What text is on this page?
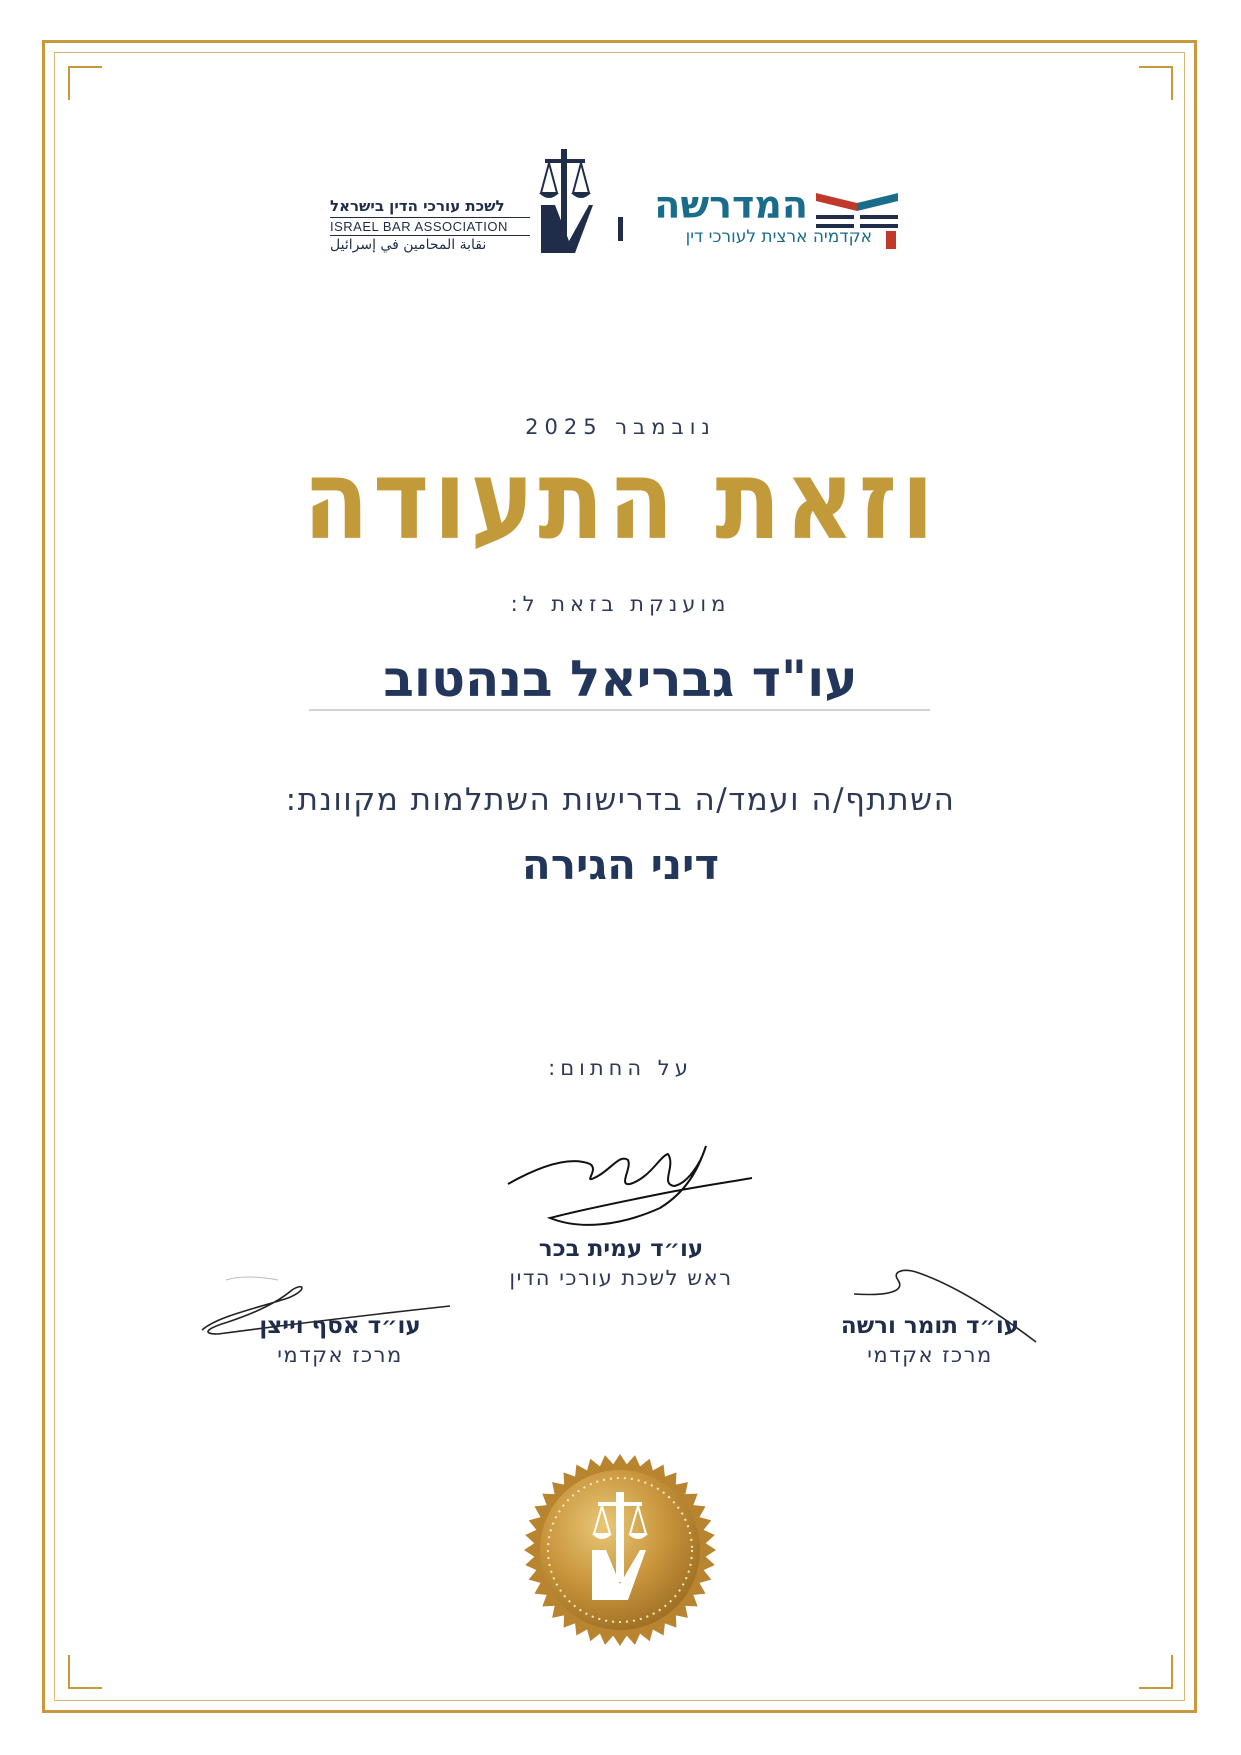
לשכת עורכי הדין בישראל
ISRAEL BAR ASSOCIATION
نقابة المحامين في إسرائيل
המדרשה
אקדמיה ארצית לעורכי דין
נובמבר 2025
וזאת התעודה
מוענקת בזאת ל:
עו"ד גבריאל בנהטוב
השתתף/ה ועמד/ה בדרישות השתלמות מקוונת:
דיני הגירה
על החתום:
עו״ד עמית בכר
ראש לשכת עורכי הדין
עו״ד אסף וייצן
מרכז אקדמי
עו״ד תומר ורשה
מרכז אקדמי
